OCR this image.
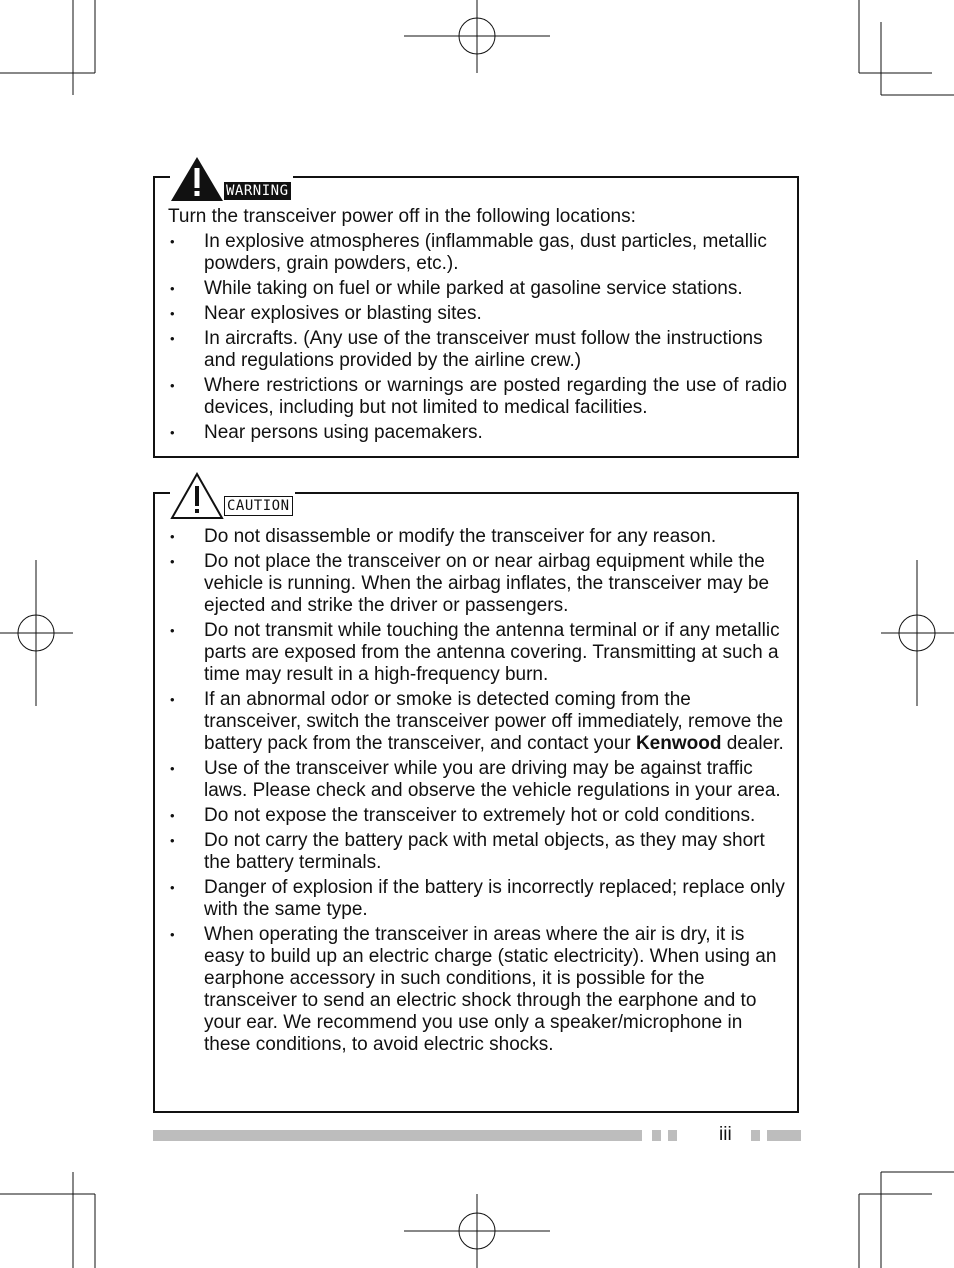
WARNING

Turn the transceiver power off in the following locations:

• In explosive atmospheres (inflammable gas, dust particles, metallic powders, grain powders, etc.).
• While taking on fuel or while parked at gasoline service stations.
• Near explosives or blasting sites.
• In aircrafts. (Any use of the transceiver must follow the instructions and regulations provided by the airline crew.)
• Where restrictions or warnings are posted regarding the use of radio devices, including but not limited to medical facilities.
• Near persons using pacemakers.
CAUTION
• Do not disassemble or modify the transceiver for any reason.
• Do not place the transceiver on or near airbag equipment while the vehicle is running. When the airbag inflates, the transceiver may be ejected and strike the driver or passengers.
• Do not transmit while touching the antenna terminal or if any metallic parts are exposed from the antenna covering. Transmitting at such a time may result in a high-frequency burn.
• If an abnormal odor or smoke is detected coming from the transceiver, switch the transceiver power off immediately, remove the battery pack from the transceiver, and contact your Kenwood dealer.
• Use of the transceiver while you are driving may be against traffic laws. Please check and observe the vehicle regulations in your area.
• Do not expose the transceiver to extremely hot or cold conditions.
• Do not carry the battery pack with metal objects, as they may short the battery terminals.
• Danger of explosion if the battery is incorrectly replaced; replace only with the same type.
• When operating the transceiver in areas where the air is dry, it is easy to build up an electric charge (static electricity). When using an earphone accessory in such conditions, it is possible for the transceiver to send an electric shock through the earphone and to your ear. We recommend you use only a speaker/microphone in these conditions, to avoid electric shocks.
iii
